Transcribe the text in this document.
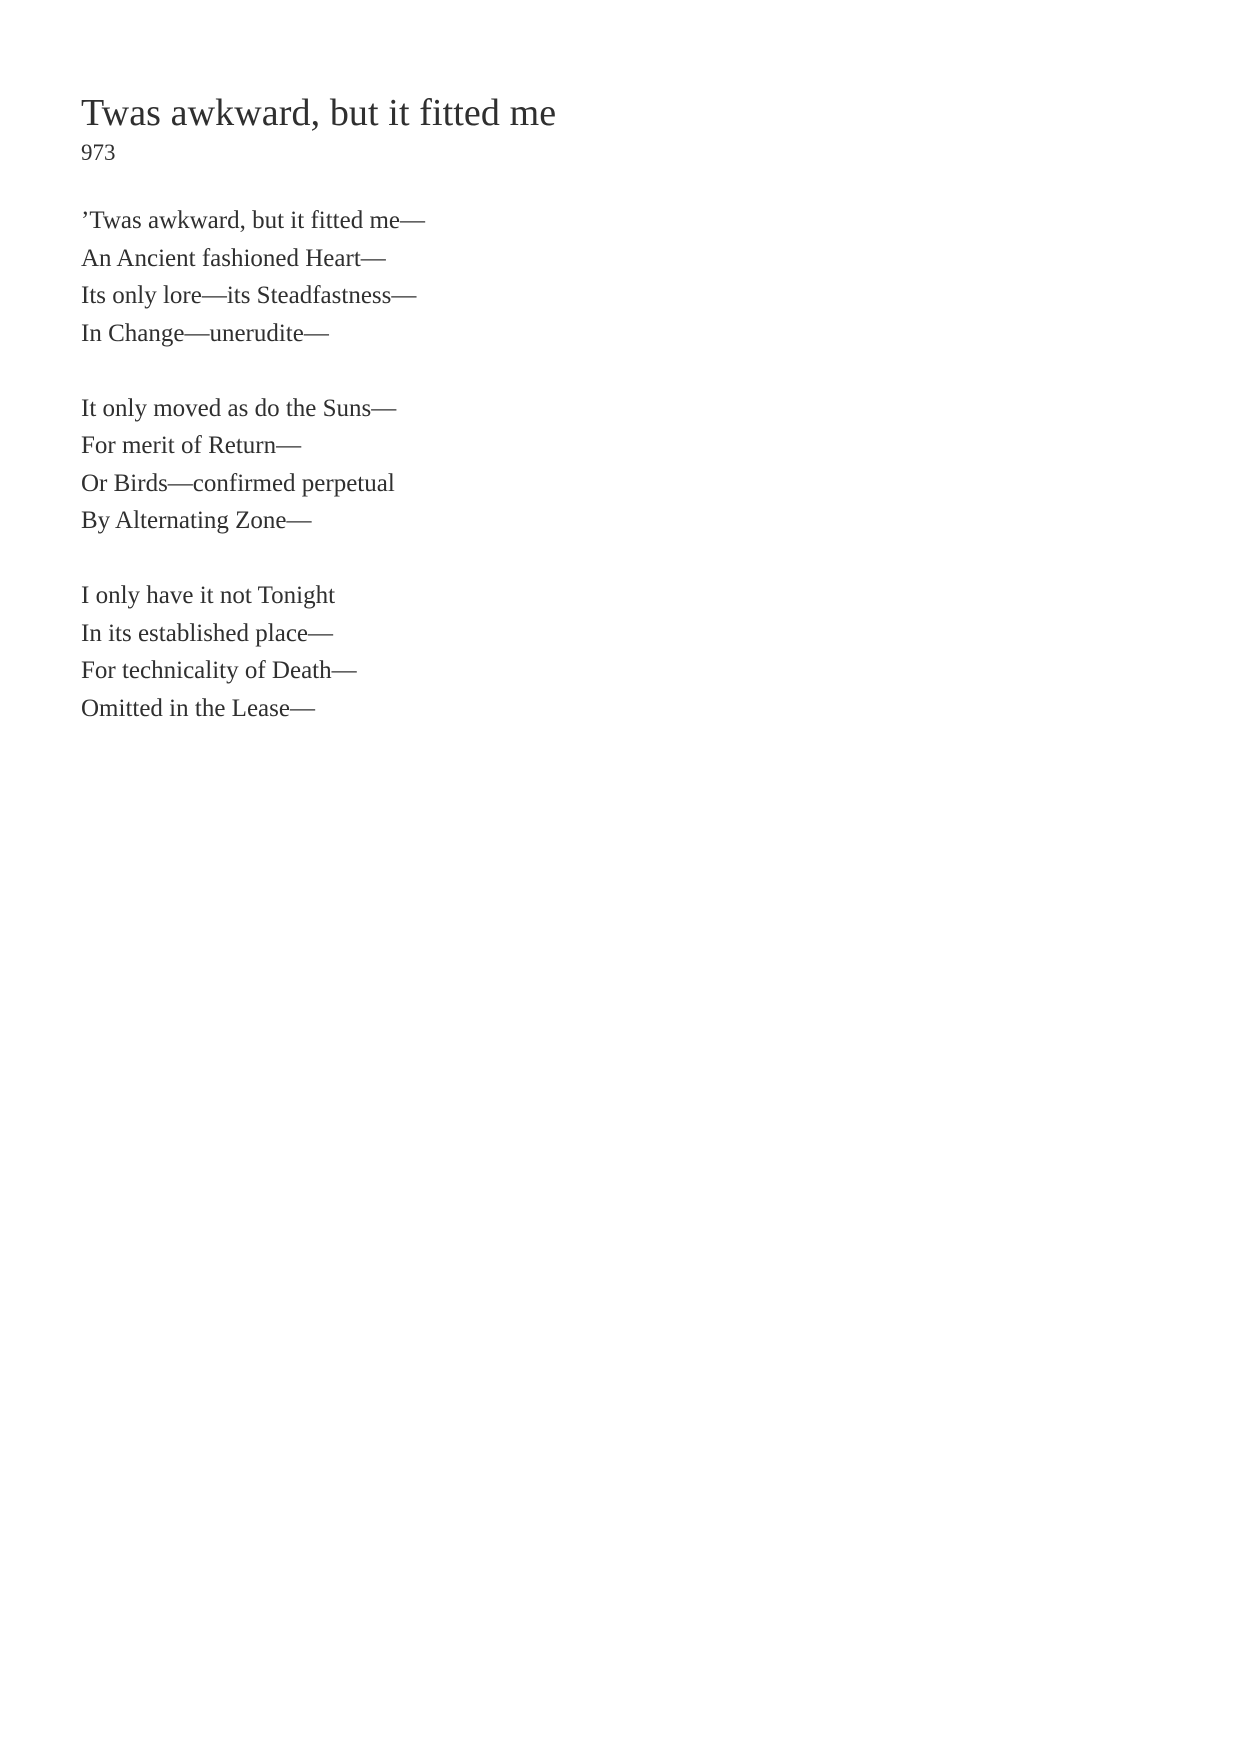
Twas awkward, but it fitted me
973
’Twas awkward, but it fitted me—
An Ancient fashioned Heart—
Its only lore—its Steadfastness—
In Change—unerudite—
It only moved as do the Suns—
For merit of Return—
Or Birds—confirmed perpetual
By Alternating Zone—
I only have it not Tonight
In its established place—
For technicality of Death—
Omitted in the Lease—
